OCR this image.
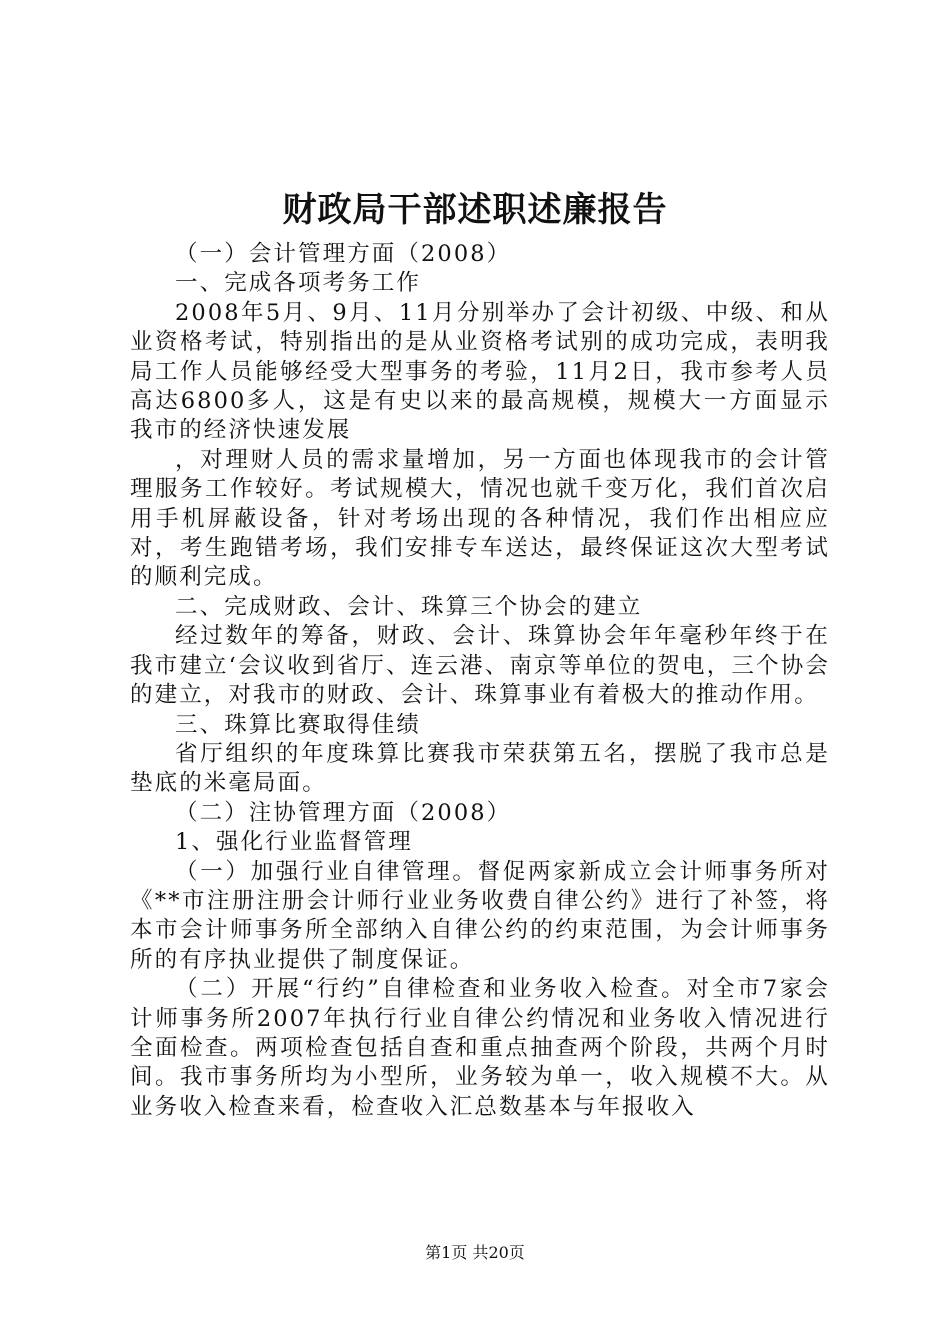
财政局干部述职述廉报告

（一）会计管理方面（2008）

一、完成各项考务工作

2008年5月、9月、11月分别举办了会计初级、中级、和从业资格考试，特别指出的是从业资格考试别的成功完成，表明我局工作人员能够经受大型事务的考验，11月2日，我市参考人员高达6800多人，这是有史以来的最高规模，规模大一方面显示我市的经济快速发展

，对理财人员的需求量增加，另一方面也体现我市的会计管理服务工作较好。考试规模大，情况也就千变万化，我们首次启用手机屏蔽设备，针对考场出现的各种情况，我们作出相应应对，考生跑错考场，我们安排专车送达，最终保证这次大型考试的顺利完成。

二、完成财政、会计、珠算三个协会的建立

经过数年的筹备，财政、会计、珠算协会年年毫秒年终于在我市建立‘会议收到省厅、连云港、南京等单位的贺电，三个协会的建立，对我市的财政、会计、珠算事业有着极大的推动作用。

三、珠算比赛取得佳绩

省厅组织的年度珠算比赛我市荣获第五名，摆脱了我市总是垫底的米毫局面。

（二）注协管理方面（2008）

1、强化行业监督管理

（一）加强行业自律管理。督促两家新成立会计师事务所对《**市注册注册会计师行业业务收费自律公约》进行了补签，将本市会计师事务所全部纳入自律公约的约束范围，为会计师事务所的有序执业提供了制度保证。

（二）开展“行约”自律检查和业务收入检查。对全市7家会计师事务所2007年执行行业自律公约情况和业务收入情况进行全面检查。两项检查包括自查和重点抽查两个阶段，共两个月时间。我市事务所均为小型所，业务较为单一，收入规模不大。从业务收入检查来看，检查收入汇总数基本与年报收入

第1页 共20页
